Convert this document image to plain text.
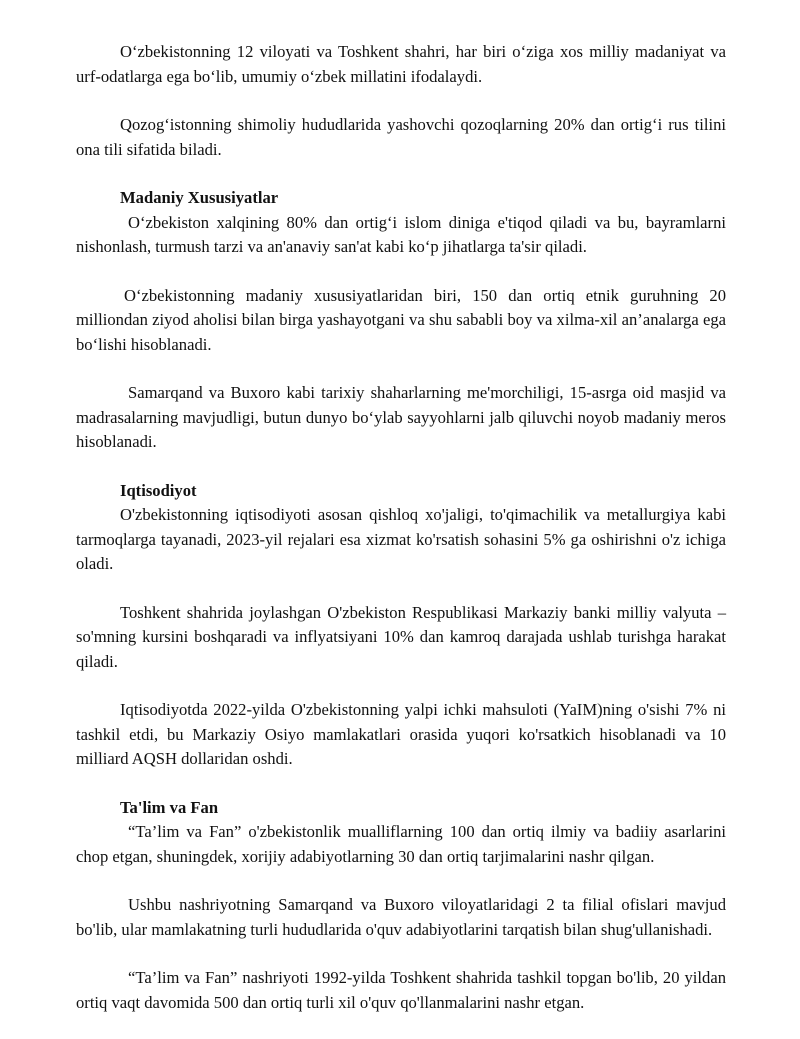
O‘zbekistonning 12 viloyati va Toshkent shahri, har biri o‘ziga xos milliy madaniyat va urf-odatlarga ega bo‘lib, umumiy o‘zbek millatini ifodalaydi.

Qozog‘istonning shimoliy hududlarida yashovchi qozoqlarning 20% dan ortig‘i rus tilini ona tili sifatida biladi.

Madaniy Xususiyatlar

O‘zbekiston xalqining 80% dan ortig‘i islom diniga e'tiqod qiladi va bu, bayramlarni nishonlash, turmush tarzi va an'anaviy san'at kabi ko‘p jihatlarga ta'sir qiladi.

O‘zbekistonning madaniy xususiyatlaridan biri, 150 dan ortiq etnik guruhning 20 milliondan ziyod aholisi bilan birga yashayotgani va shu sababli boy va xilma-xil an’analarga ega bo‘lishi hisoblanadi.

Samarqand va Buxoro kabi tarixiy shaharlarning me'morchiligi, 15-asrga oid masjid va madrasalarning mavjudligi, butun dunyo bo‘ylab sayyohlarni jalb qiluvchi noyob madaniy meros hisoblanadi.

Iqtisodiyot

O'zbekistonning iqtisodiyoti asosan qishloq xo'jaligi, to'qimachilik va metallurgiya kabi tarmoqlarga tayanadi, 2023-yil rejalari esa xizmat ko'rsatish sohasini 5% ga oshirishni o'z ichiga oladi.

Toshkent shahrida joylashgan O'zbekiston Respublikasi Markaziy banki milliy valyuta – so'mning kursini boshqaradi va inflyatsiyani 10% dan kamroq darajada ushlab turishga harakat qiladi.

Iqtisodiyotda 2022-yilda O'zbekistonning yalpi ichki mahsuloti (YaIM)ning o'sishi 7% ni tashkil etdi, bu Markaziy Osiyo mamlakatlari orasida yuqori ko'rsatkich hisoblanadi va 10 milliard AQSH dollaridan oshdi.

Ta'lim va Fan

“Ta’lim va Fan” o'zbekistonlik mualliflarning 100 dan ortiq ilmiy va badiiy asarlarini chop etgan, shuningdek, xorijiy adabiyotlarning 30 dan ortiq tarjimalarini nashr qilgan.

Ushbu nashriyotning Samarqand va Buxoro viloyatlaridagi 2 ta filial ofislari mavjud bo'lib, ular mamlakatning turli hududlarida o'quv adabiyotlarini tarqatish bilan shug'ullanishadi.

“Ta’lim va Fan” nashriyoti 1992-yilda Toshkent shahrida tashkil topgan bo'lib, 20 yildan ortiq vaqt davomida 500 dan ortiq turli xil o'quv qo'llanmalarini nashr etgan.
